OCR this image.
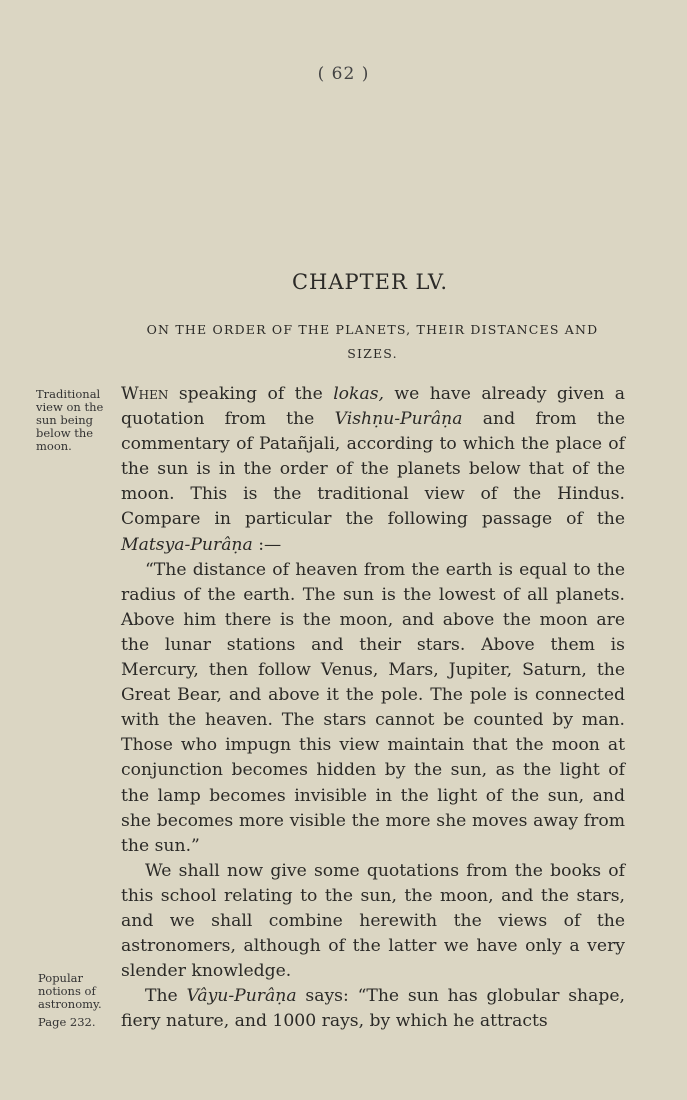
( 62 )
CHAPTER LV.
ON THE ORDER OF THE PLANETS, THEIR DISTANCES AND SIZES.
Traditional view on the sun being below the moon.
Popular notions of astronomy.
Page 232.

When speaking of the lokas, we have already given a quotation from the Vishṇu-Purâṇa and from the commentary of Patañjali, according to which the place of the sun is in the order of the planets below that of the moon. This is the traditional view of the Hindus. Compare in particular the following passage of the Matsya-Purâṇa :—

“The distance of heaven from the earth is equal to the radius of the earth. The sun is the lowest of all planets. Above him there is the moon, and above the moon are the lunar stations and their stars. Above them is Mercury, then follow Venus, Mars, Jupiter, Saturn, the Great Bear, and above it the pole. The pole is connected with the heaven. The stars cannot be counted by man. Those who impugn this view maintain that the moon at conjunction becomes hidden by the sun, as the light of the lamp becomes invisible in the light of the sun, and she becomes more visible the more she moves away from the sun.”

We shall now give some quotations from the books of this school relating to the sun, the moon, and the stars, and we shall combine herewith the views of the astronomers, although of the latter we have only a very slender knowledge.

The Vâyu-Purâṇa says: “The sun has globular shape, fiery nature, and 1000 rays, by which he attracts
